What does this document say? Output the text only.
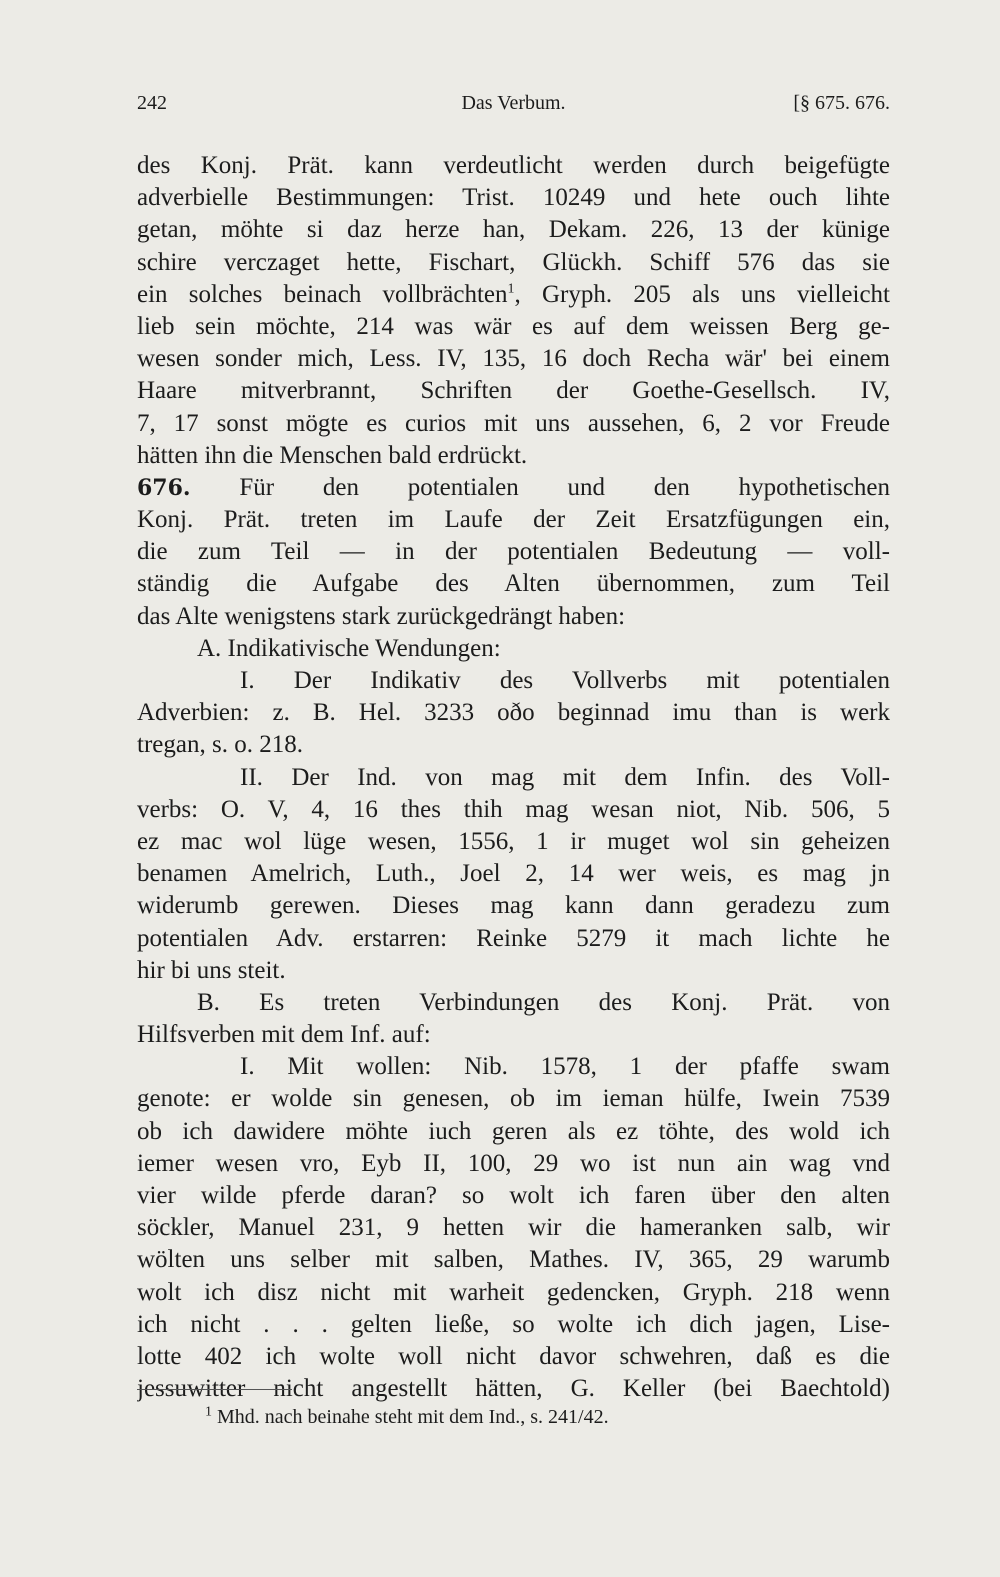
242	Das Verbum.	[§ 675. 676.
des Konj. Prät. kann verdeutlicht werden durch beigefügte
adverbielle Bestimmungen: Trist. 10249 und hete ouch lihte
getan, möhte si daz herze han, Dekam. 226, 13 der künige
schire verczaget hette, Fischart, Glückh. Schiff 576 das sie
ein solches beinach vollbrächten$^1$, Gryph. 205 als uns vielleicht
lieb sein möchte, 214 was wär es auf dem weissen Berg ge-
wesen sonder mich, Less. IV, 135, 16 doch Recha wär' bei einem
Haare mitverbrannt, Schriften der Goethe-Gesellsch. IV,
7, 17 sonst mögte es curios mit uns aussehen, 6, 2 vor Freude
hätten ihn die Menschen bald erdrückt.
676. Für den potentialen und den hypothetischen
Konj. Prät. treten im Laufe der Zeit Ersatzfügungen ein,
die zum Teil — in der potentialen Bedeutung — voll-
ständig die Aufgabe des Alten übernommen, zum Teil
das Alte wenigstens stark zurückgedrängt haben:
A. Indikativische Wendungen:
I. Der Indikativ des Vollverbs mit potentialen
Adverbien: z. B. Hel. 3233 oðo beginnad imu than is werk
tregan, s. o. 218.
II. Der Ind. von mag mit dem Infin. des Voll-
verbs: O. V, 4, 16 thes thih mag wesan niot, Nib. 506, 5
ez mac wol lüge wesen, 1556, 1 ir muget wol sin geheizen
benamen Amelrich, Luth., Joel 2, 14 wer weis, es mag jn
widerumb gerewen. Dieses mag kann dann geradezu zum
potentialen Adv. erstarren: Reinke 5279 it mach lichte he
hir bi uns steit.
B. Es treten Verbindungen des Konj. Prät. von
Hilfsverben mit dem Inf. auf:
I. Mit wollen: Nib. 1578, 1 der pfaffe swam
genote: er wolde sin genesen, ob im ieman hülfe, Iwein 7539
ob ich dawidere möhte iuch geren als ez töhte, des wold ich
iemer wesen vro, Eyb II, 100, 29 wo ist nun ain wag vnd
vier wilde pferde daran? so wolt ich faren über den alten
söckler, Manuel 231, 9 hetten wir die hameranken salb, wir
wölten uns selber mit salben, Mathes. IV, 365, 29 warumb
wolt ich disz nicht mit warheit gedencken, Gryph. 218 wenn
ich nicht . . . gelten ließe, so wolte ich dich jagen, Lise-
lotte 402 ich wolte woll nicht davor schwehren, daß es die
jessuwitter nicht angestellt hätten, G. Keller (bei Baechtold)
$^1$ Mhd. nach beinahe steht mit dem Ind., s. 241/42.
